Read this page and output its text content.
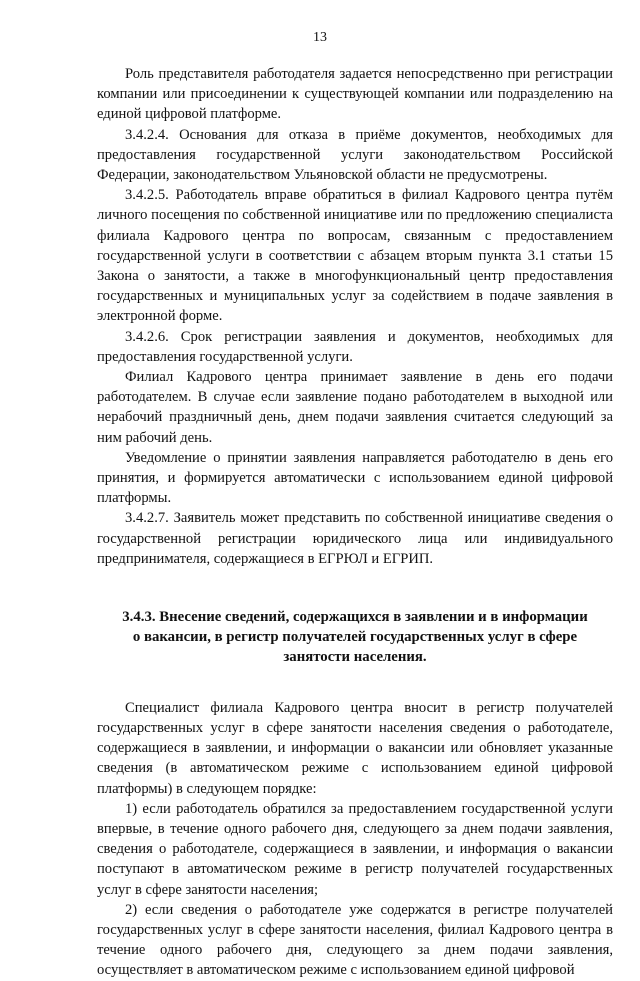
13

Роль представителя работодателя задается непосредственно при регистрации компании или присоединении к существующей компании или подразделению на единой цифровой платформе.

3.4.2.4. Основания для отказа в приёме документов, необходимых для предоставления государственной услуги законодательством Российской Федерации, законодательством Ульяновской области не предусмотрены.

3.4.2.5. Работодатель вправе обратиться в филиал Кадрового центра путём личного посещения по собственной инициативе или по предложению специалиста филиала Кадрового центра по вопросам, связанным с предоставлением государственной услуги в соответствии с абзацем вторым пункта 3.1 статьи 15 Закона о занятости, а также в многофункциональный центр предоставления государственных и муниципальных услуг за содействием в подаче заявления в электронной форме.

3.4.2.6. Срок регистрации заявления и документов, необходимых для предоставления государственной услуги.

Филиал Кадрового центра принимает заявление в день его подачи работодателем. В случае если заявление подано работодателем в выходной или нерабочий праздничный день, днем подачи заявления считается следующий за ним рабочий день.

Уведомление о принятии заявления направляется работодателю в день его принятия, и формируется автоматически с использованием единой цифровой платформы.

3.4.2.7. Заявитель может представить по собственной инициативе сведения о государственной регистрации юридического лица или индивидуального предпринимателя, содержащиеся в ЕГРЮЛ и ЕГРИП.

3.4.3. Внесение сведений, содержащихся в заявлении и в информации о вакансии, в регистр получателей государственных услуг в сфере занятости населения.

Специалист филиала Кадрового центра вносит в регистр получателей государственных услуг в сфере занятости населения сведения о работодателе, содержащиеся в заявлении, и информации о вакансии или обновляет указанные сведения (в автоматическом режиме с использованием единой цифровой платформы) в следующем порядке:

1) если работодатель обратился за предоставлением государственной услуги впервые, в течение одного рабочего дня, следующего за днем подачи заявления, сведения о работодателе, содержащиеся в заявлении, и информация о вакансии поступают в автоматическом режиме в регистр получателей государственных услуг в сфере занятости населения;

2) если сведения о работодателе уже содержатся в регистре получателей государственных услуг в сфере занятости населения, филиал Кадрового центра в течение одного рабочего дня, следующего за днем подачи заявления, осуществляет в автоматическом режиме с использованием единой цифровой
